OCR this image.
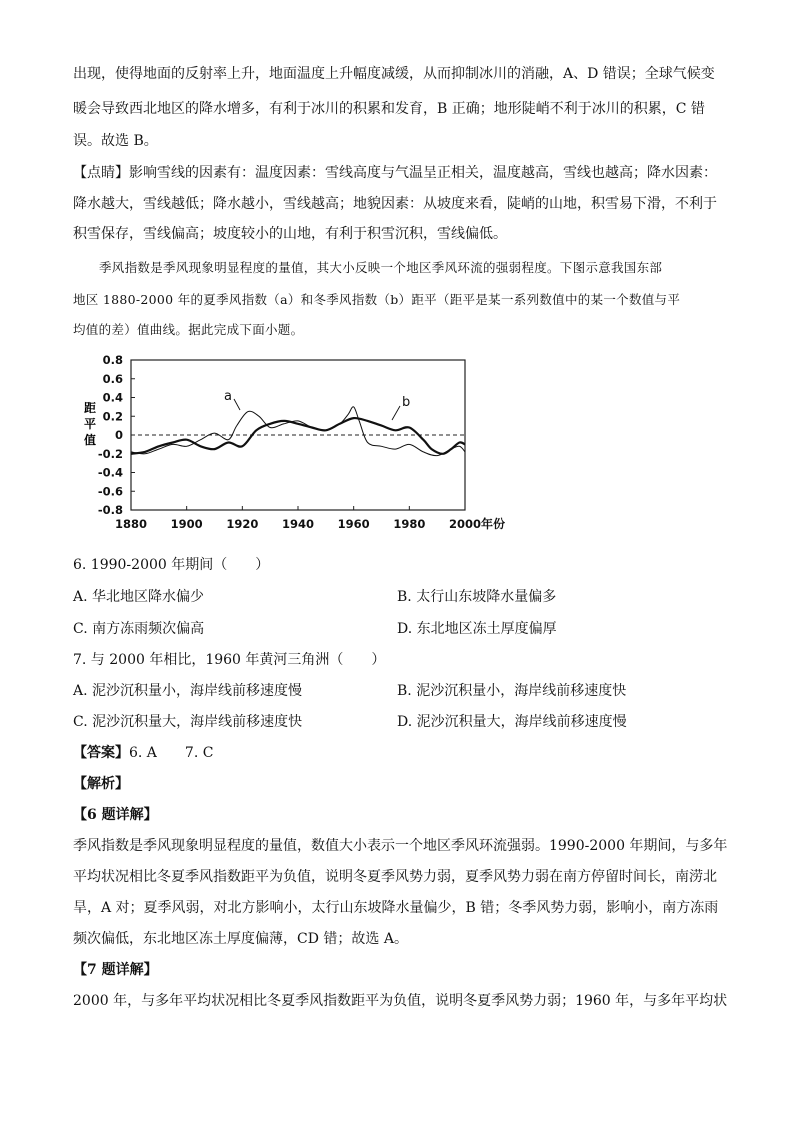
出现，使得地面的反射率上升，地面温度上升幅度减缓，从而抑制冰川的消融，A、D 错误；全球气候变
暖会导致西北地区的降水增多，有利于冰川的积累和发育，B 正确；地形陡峭不利于冰川的积累，C 错
误。故选 B。
【点睛】影响雪线的因素有：温度因素：雪线高度与气温呈正相关，温度越高，雪线也越高；降水因素：
降水越大，雪线越低；降水越小，雪线越高；地貌因素：从坡度来看，陡峭的山地，积雪易下滑，不利于
积雪保存，雪线偏高；坡度较小的山地，有利于积雪沉积，雪线偏低。
季风指数是季风现象明显程度的量值，其大小反映一个地区季风环流的强弱程度。下图示意我国东部
地区 1880-2000 年的夏季风指数（a）和冬季风指数（b）距平（距平是某一系列数值中的某一个数值与平
均值的差）值曲线。据此完成下面小题。
0.8
0.6
0.4
0.2
0
-0.2
-0.4
-0.6
-0.8
1880 1900 1920 1940 1960 1980 2000 年份
a	b
距
平
值
6. 1990-2000 年期间（　　）
A. 华北地区降水偏少	B. 太行山东坡降水量偏多
C. 南方冻雨频次偏高	D. 东北地区冻土厚度偏厚
7. 与 2000 年相比，1960 年黄河三角洲（　　）
A. 泥沙沉积量小，海岸线前移速度慢	B. 泥沙沉积量小，海岸线前移速度快
C. 泥沙沉积量大，海岸线前移速度快	D. 泥沙沉积量大，海岸线前移速度慢
【答案】6. A　　7. C
【解析】
【6 题详解】
季风指数是季风现象明显程度的量值，数值大小表示一个地区季风环流强弱。1990-2000 年期间，与多年
平均状况相比冬夏季风指数距平为负值，说明冬夏季风势力弱，夏季风势力弱在南方停留时间长，南涝北
旱，A 对；夏季风弱，对北方影响小，太行山东坡降水量偏少，B 错；冬季风势力弱，影响小，南方冻雨
频次偏低，东北地区冻土厚度偏薄，CD 错；故选 A。
【7 题详解】
2000 年，与多年平均状况相比冬夏季风指数距平为负值，说明冬夏季风势力弱；1960 年，与多年平均状
